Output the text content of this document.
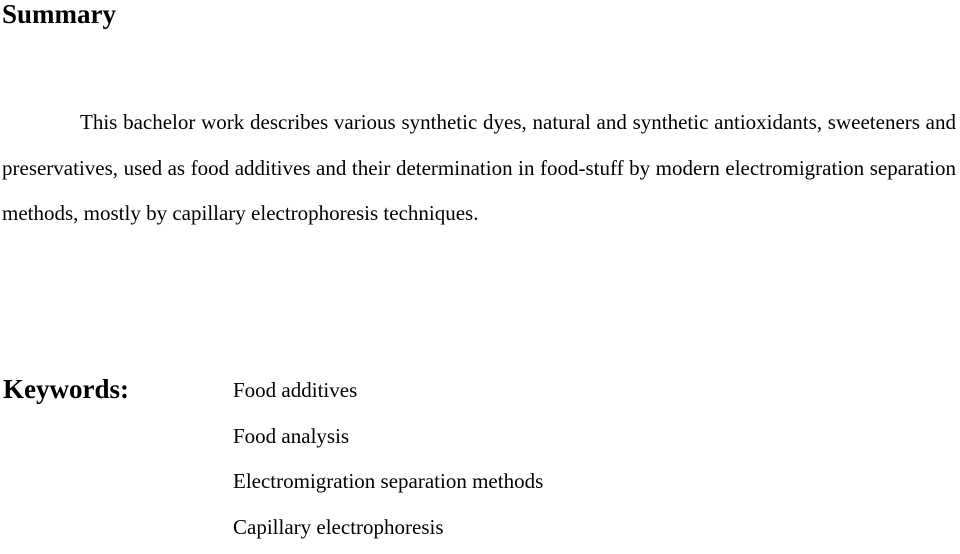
Summary

This bachelor work describes various synthetic dyes, natural and synthetic antioxidants, sweeteners and preservatives, used as food additives and their determination in food-stuff by modern electromigration separation methods, mostly by capillary electrophoresis techniques.

Keywords:	Food additives
Food analysis
Electromigration separation methods
Capillary electrophoresis
